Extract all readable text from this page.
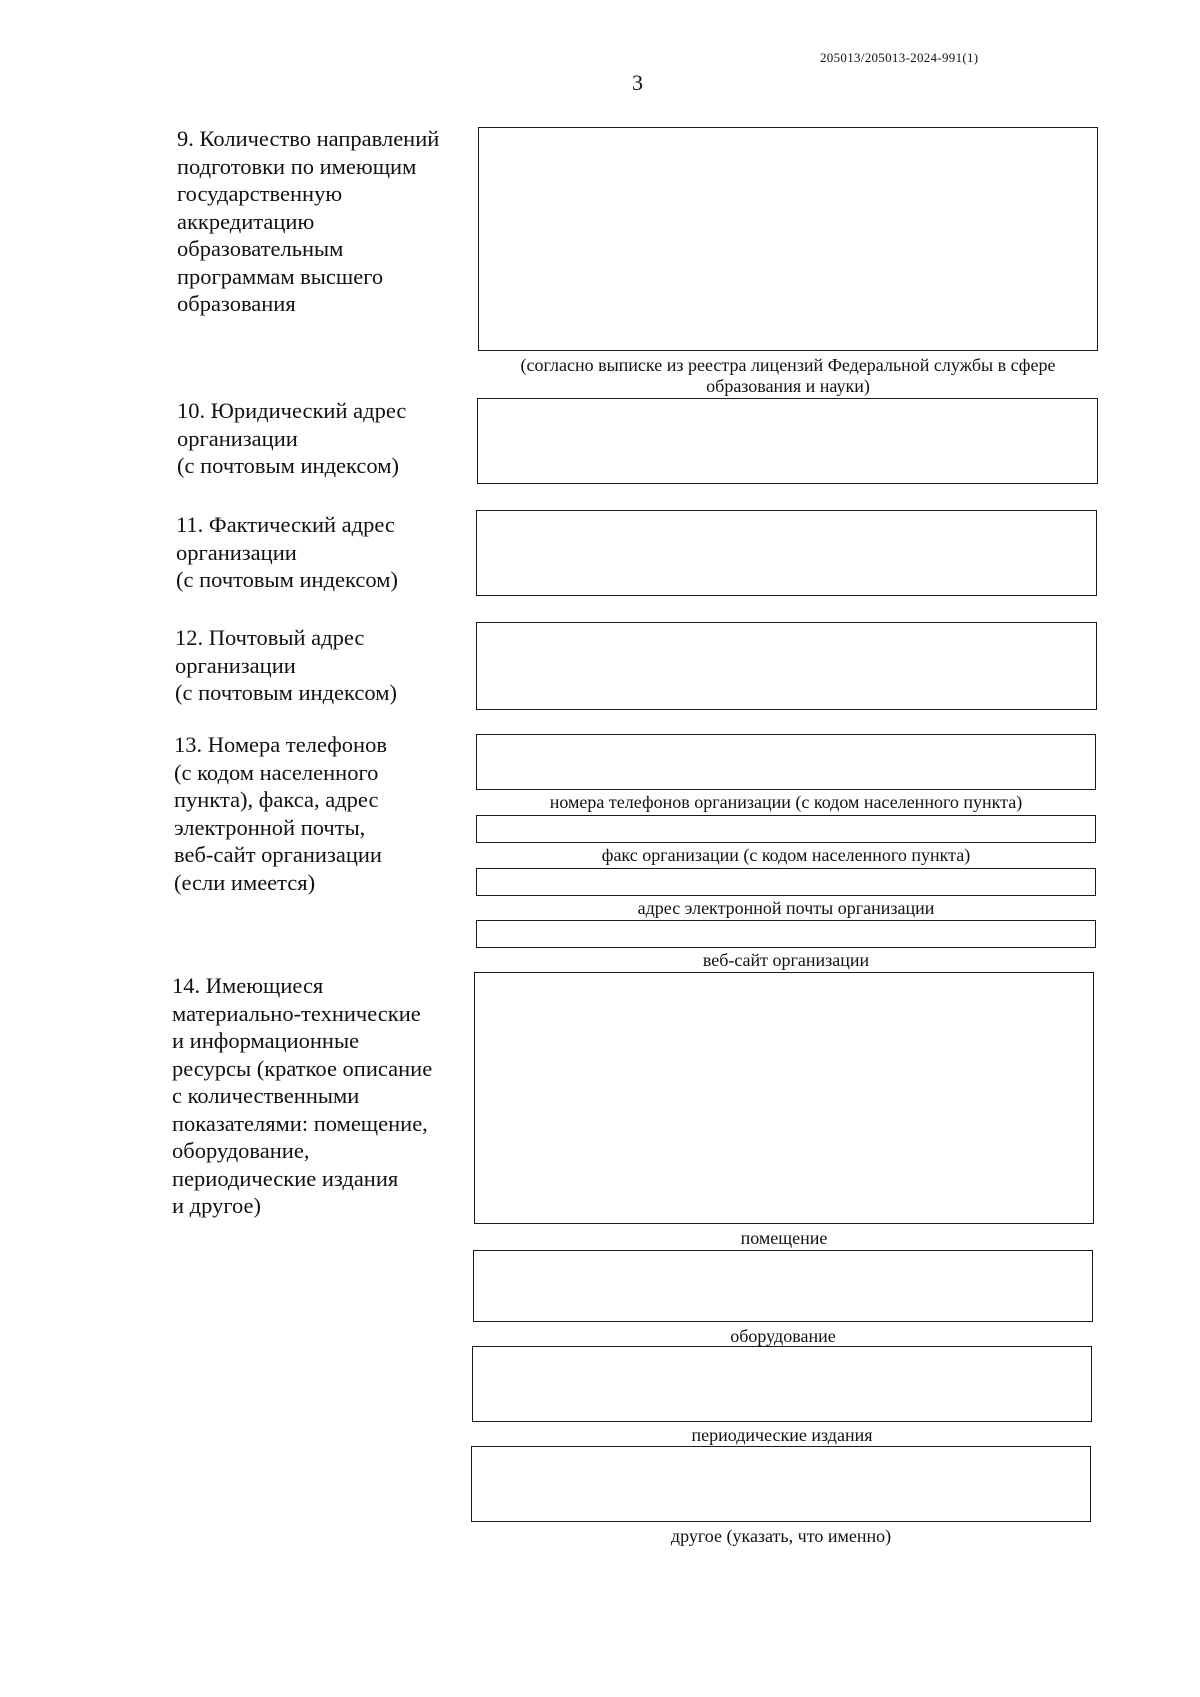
205013/205013-2024-991(1)
3
9. Количество направлений
подготовки по имеющим
государственную
аккредитацию
образовательным
программам высшего
образования
(согласно выписке из реестра лицензий Федеральной службы в сфере
образования и науки)
10. Юридический адрес
организации
(с почтовым индексом)
11. Фактический адрес
организации
(с почтовым индексом)
12. Почтовый адрес
организации
(с почтовым индексом)
13. Номера телефонов
(с кодом населенного
пункта), факса, адрес
электронной почты,
веб-сайт организации
(если имеется)
номера телефонов организации (с кодом населенного пункта)
факс организации (с кодом населенного пункта)
адрес электронной почты организации
веб-сайт организации
14. Имеющиеся
материально-технические
и информационные
ресурсы (краткое описание
с количественными
показателями: помещение,
оборудование,
периодические издания
и другое)
помещение
оборудование
периодические издания
другое (указать, что именно)
